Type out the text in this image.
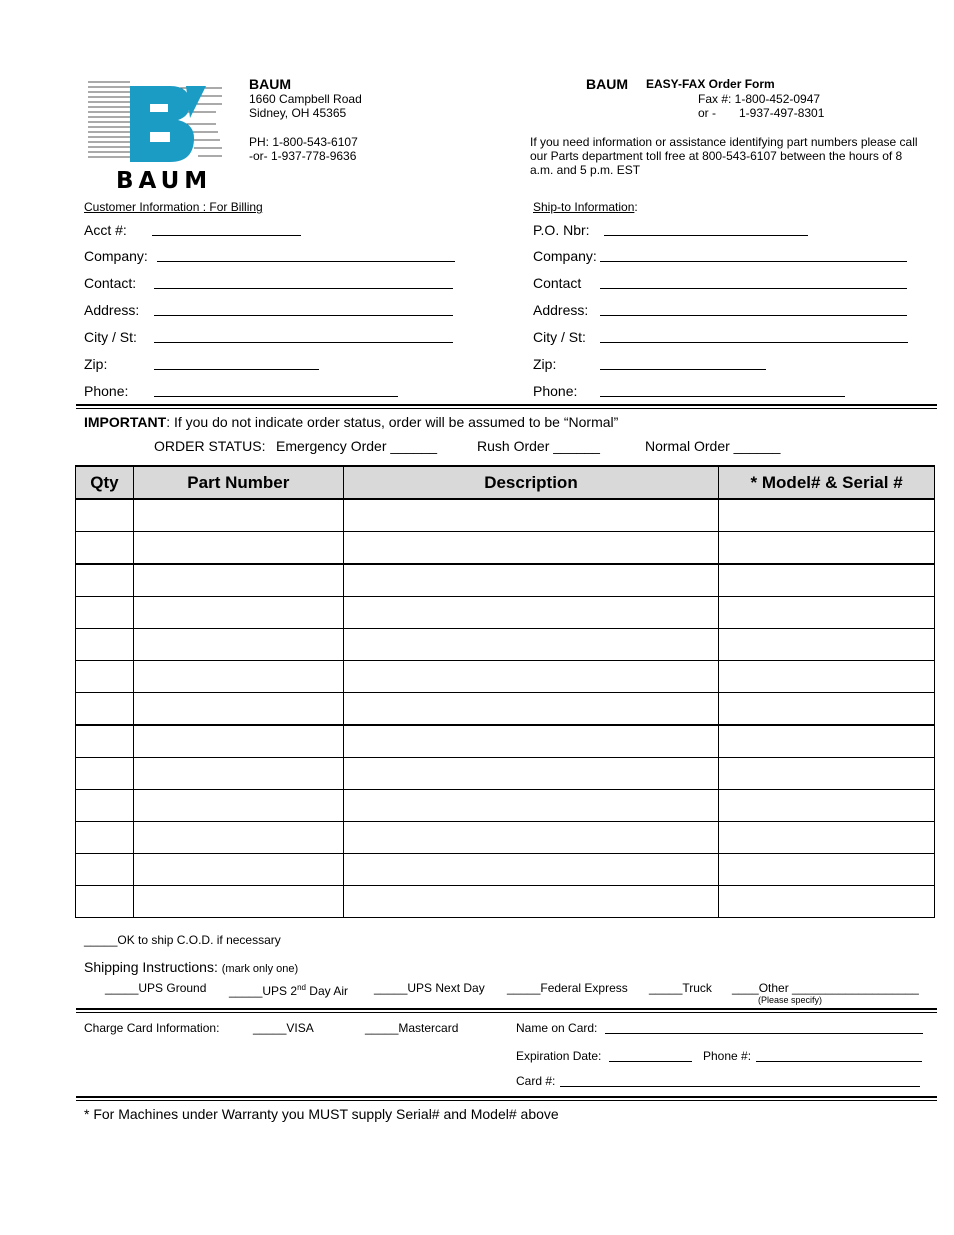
BAUM
BAUM
1660 Campbell Road
Sidney, OH 45365
PH: 1-800-543-6107
-or- 1-937-778-9636
BAUM EASY-FAX Order Form
Fax #: 1-800-452-0947
or - 1-937-497-8301
If you need information or assistance identifying part numbers please call our Parts department toll free at 800-543-6107 between the hours of 8 a.m. and 5 p.m. EST
Customer Information : For Billing
Acct #:
Company:
Contact:
Address:
City / St:
Zip:
Phone:
Ship-to Information:
P.O. Nbr:
Company:
Contact
Address:
City / St:
Zip:
Phone:
IMPORTANT: If you do not indicate order status, order will be assumed to be “Normal”
ORDER STATUS: Emergency Order ______	Rush Order ______	Normal Order ______
Qty	Part Number	Description	* Model# & Serial #

_____OK to ship C.O.D. if necessary
Shipping Instructions: (mark only one)
_____UPS Ground _____UPS 2nd Day Air _____UPS Next Day _____Federal Express _____Truck ____Other ___________________
(Please specify)
Charge Card Information:	_____VISA	_____Mastercard	Name on Card:
Expiration Date:	Phone #:
Card #:
* For Machines under Warranty you MUST supply Serial# and Model# above
